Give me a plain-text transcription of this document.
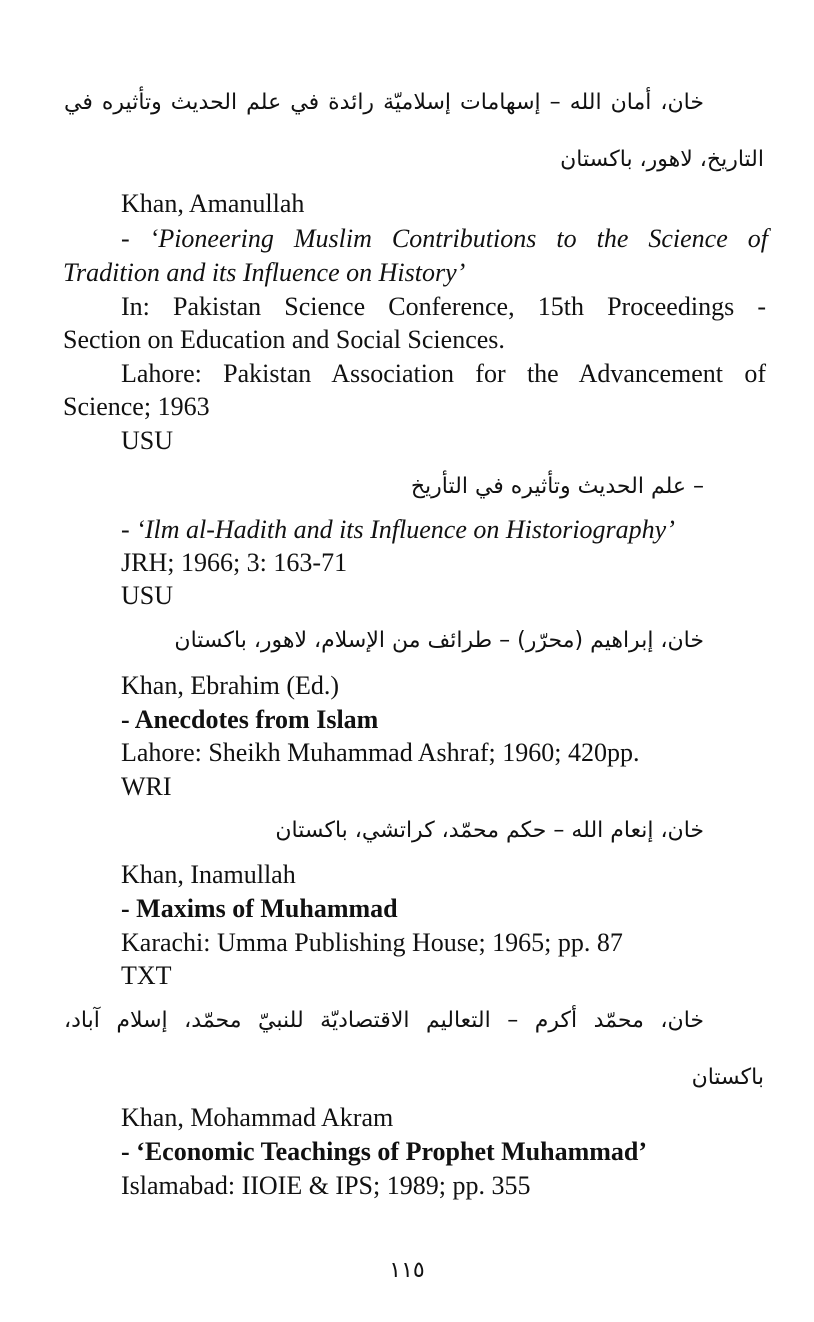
خان، أمان الله – إسهامات إسلاميّة رائدة في علم الحديث وتأثيره في
التاريخ، لاهور، باكستان
Khan, Amanullah
- ‘Pioneering Muslim Contributions to the Science of
Tradition and its Influence on History’
In: Pakistan Science Conference, 15th Proceedings -
Section on Education and Social Sciences.
Lahore: Pakistan Association for the Advancement of
Science; 1963
USU
– علم الحديث وتأثيره في التأريخ
- ‘Ilm al-Hadith and its Influence on Historiography’
JRH; 1966; 3: 163-71
USU
خان، إبراهيم (محرّر) – طرائف من الإسلام، لاهور، باكستان
Khan, Ebrahim (Ed.)
- Anecdotes from Islam
Lahore: Sheikh Muhammad Ashraf; 1960; 420pp.
WRI
خان، إنعام الله – حكم محمّد، كراتشي، باكستان
Khan, Inamullah
- Maxims of Muhammad
Karachi: Umma Publishing House; 1965; pp. 87
TXT
خان، محمّد أكرم – التعاليم الاقتصاديّة للنبيّ محمّد، إسلام آباد،
باكستان
Khan, Mohammad Akram
- ‘Economic Teachings of Prophet Muhammad’
Islamabad: IIOIE & IPS; 1989; pp. 355
١١٥
